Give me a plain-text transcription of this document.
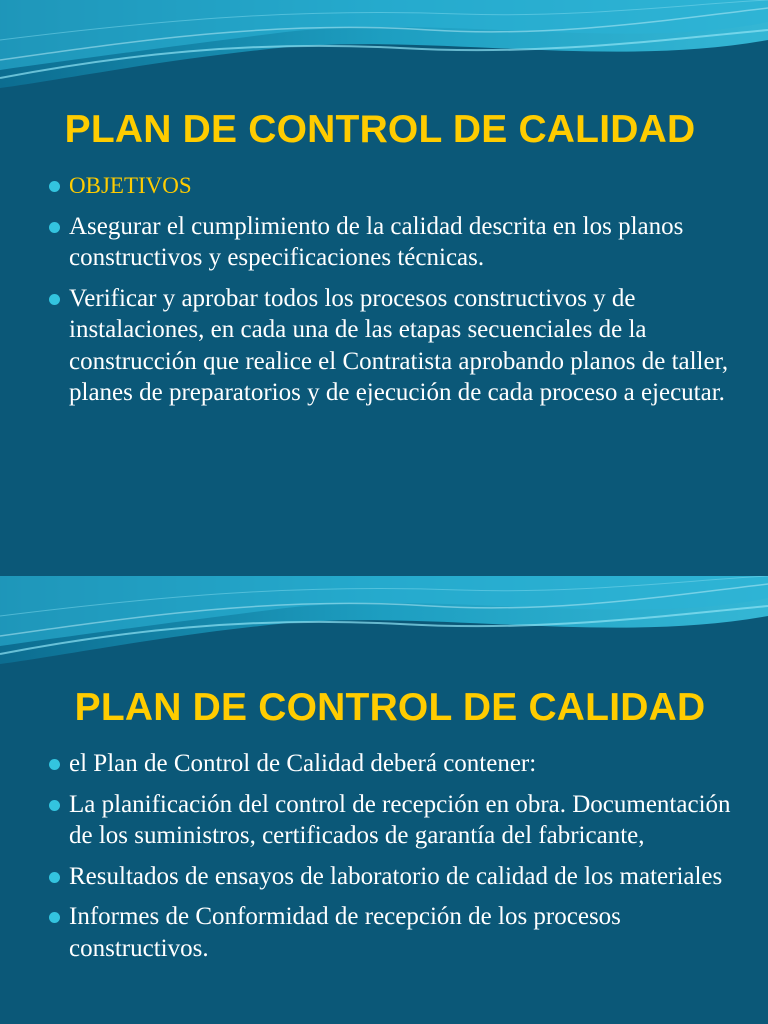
PLAN DE CONTROL DE CALIDAD
OBJETIVOS
Asegurar el cumplimiento de la calidad descrita en los planos constructivos y especificaciones técnicas.
Verificar y aprobar todos los procesos constructivos y de instalaciones, en cada una de las etapas secuenciales de la construcción que realice el Contratista aprobando planos de taller, planes de preparatorios y de ejecución de cada proceso a ejecutar.
PLAN DE CONTROL DE CALIDAD
el Plan de Control de Calidad deberá contener:
La planificación del control de recepción en obra. Documentación de los suministros, certificados de garantía del fabricante,
Resultados de ensayos de laboratorio de calidad de los materiales
Informes de Conformidad de recepción de los procesos constructivos.
